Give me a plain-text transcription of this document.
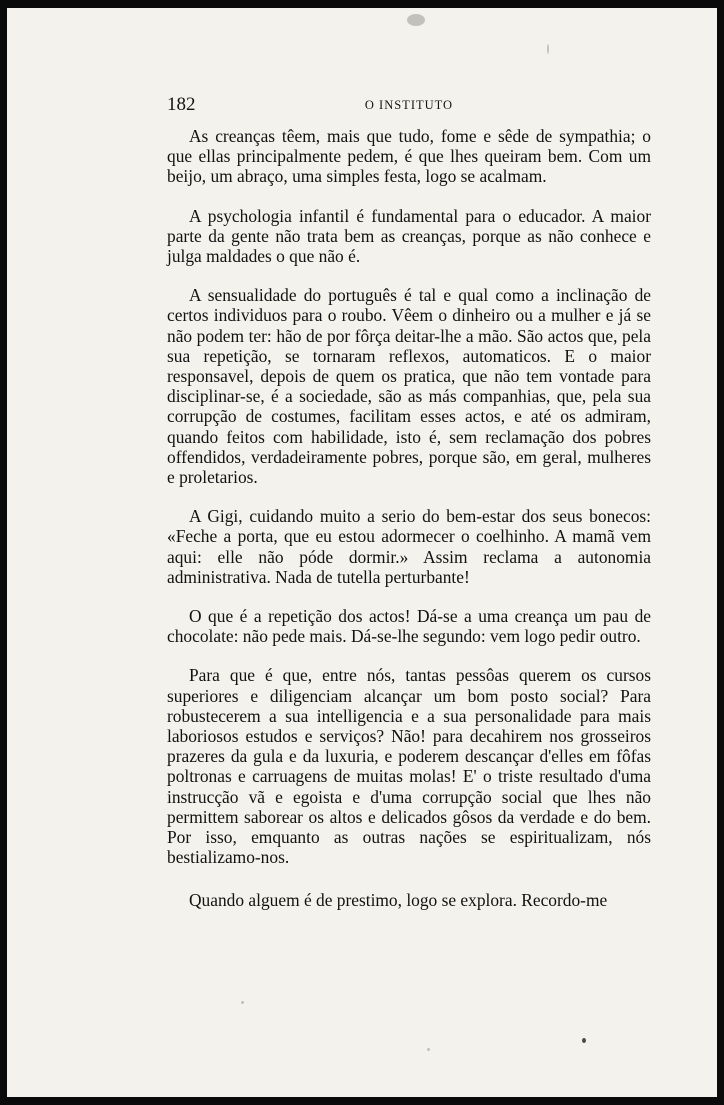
182	O INSTITUTO

As creanças têem, mais que tudo, fome e sêde de sympathia; o que ellas principalmente pedem, é que lhes queiram bem. Com um beijo, um abraço, uma simples festa, logo se acalmam.

A psychologia infantil é fundamental para o educador. A maior parte da gente não trata bem as creanças, porque as não conhece e julga maldades o que não é.

A sensualidade do português é tal e qual como a inclinação de certos individuos para o roubo. Vêem o dinheiro ou a mulher e já se não podem ter: hão de por fôrça deitar-lhe a mão. São actos que, pela sua repetição, se tornaram reflexos, automaticos. E o maior responsavel, depois de quem os pratica, que não tem vontade para disciplinar-se, é a sociedade, são as más companhias, que, pela sua corrupção de costumes, facilitam esses actos, e até os admiram, quando feitos com habilidade, isto é, sem reclamação dos pobres offendidos, verdadeiramente pobres, porque são, em geral, mulheres e proletarios.

A Gigi, cuidando muito a serio do bem-estar dos seus bonecos: «Feche a porta, que eu estou adormecer o coelhinho. A mamã vem aqui: elle não póde dormir.» Assim reclama a autonomia administrativa. Nada de tutella perturbante!

O que é a repetição dos actos! Dá-se a uma creança um pau de chocolate: não pede mais. Dá-se-lhe segundo: vem logo pedir outro.

Para que é que, entre nós, tantas pessôas querem os cursos superiores e diligenciam alcançar um bom posto social? Para robustecerem a sua intelligencia e a sua personalidade para mais laboriosos estudos e serviços? Não! para decahirem nos grosseiros prazeres da gula e da luxuria, e poderem descançar d'elles em fôfas poltronas e carruagens de muitas molas! E' o triste resultado d'uma instrucção vã e egoista e d'uma corrupção social que lhes não permittem saborear os altos e delicados gôsos da verdade e do bem. Por isso, emquanto as outras nações se espiritualizam, nós bestializamo-nos.

Quando alguem é de prestimo, logo se explora. Recordo-me
